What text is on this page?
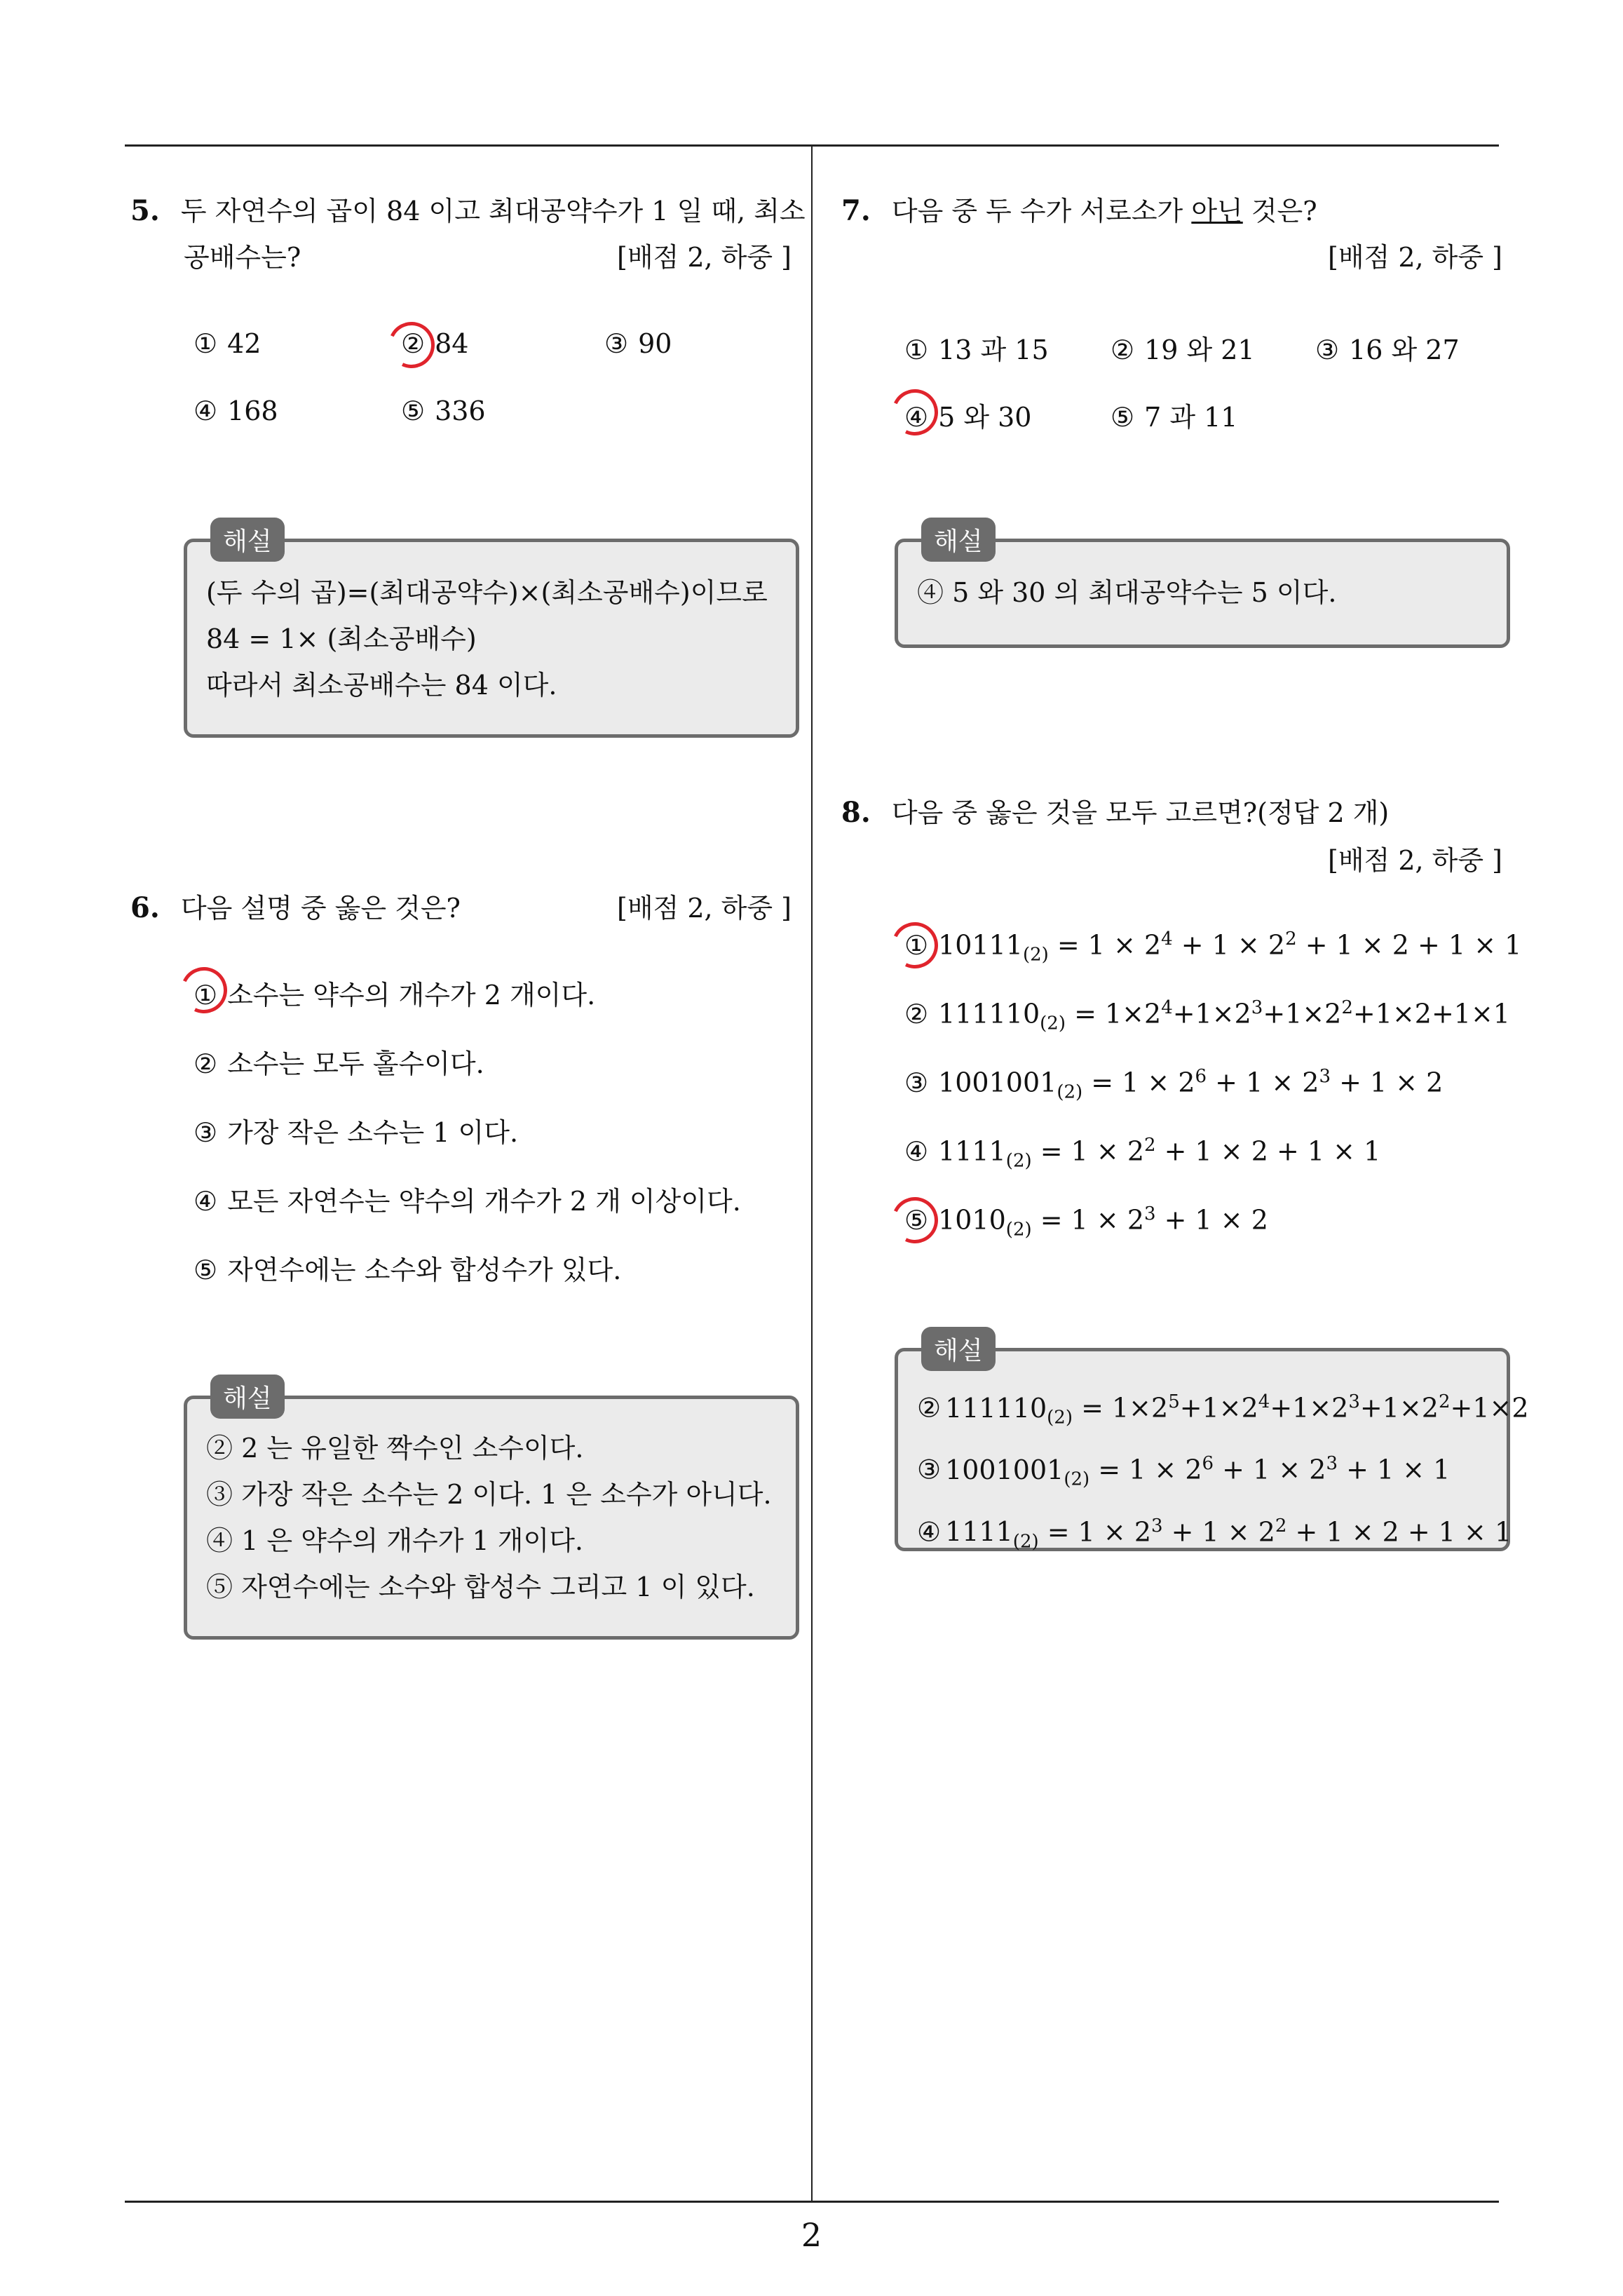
5. 두 자연수의 곱이 84 이고 최대공약수가 1 일 때, 최소
공배수는?	[배점 2, 하중 ]
① 42	② 84	③ 90
④ 168	⑤ 336
해설
(두 수의 곱)=(최대공약수)×(최소공배수)이므로
84 = 1× (최소공배수)
따라서 최소공배수는 84 이다.
6. 다음 설명 중 옳은 것은?	[배점 2, 하중 ]
① 소수는 약수의 개수가 2 개이다.
② 소수는 모두 홀수이다.
③ 가장 작은 소수는 1 이다.
④ 모든 자연수는 약수의 개수가 2 개 이상이다.
⑤ 자연수에는 소수와 합성수가 있다.
해설
② 2 는 유일한 짝수인 소수이다.
③ 가장 작은 소수는 2 이다. 1 은 소수가 아니다.
④ 1 은 약수의 개수가 1 개이다.
⑤ 자연수에는 소수와 합성수 그리고 1 이 있다.
7. 다음 중 두 수가 서로소가 아닌 것은?
[배점 2, 하중 ]
① 13 과 15 ② 19 와 21 ③ 16 와 27
④ 5 와 30	⑤ 7 과 11
해설
④ 5 와 30 의 최대공약수는 5 이다.
8. 다음 중 옳은 것을 모두 고르면?(정답 2 개)
[배점 2, 하중 ]
① $10111_{(2)} = 1 \times 2^4 + 1 \times 2^2 + 1 \times 2 + 1 \times 1$
② $111110_{(2)} = 1\times 2^4+1\times 2^3+1\times 2^2+1\times 2+1\times 1$
③ $1001001_{(2)} = 1 \times 2^6 + 1 \times 2^3 + 1 \times 2$
④ $1111_{(2)} = 1 \times 2^2 + 1 \times 2 + 1 \times 1$
⑤ $1010_{(2)} = 1 \times 2^3 + 1 \times 2$
해설
② $111110_{(2)} = 1\times 2^5+1\times 2^4+1\times 2^3+1\times 2^2+1\times 2$
③ $1001001_{(2)} = 1 \times 2^6 + 1 \times 2^3 + 1 \times 1$
④ $1111_{(2)} = 1 \times 2^3 + 1 \times 2^2 + 1 \times 2 + 1 \times 1$
2
